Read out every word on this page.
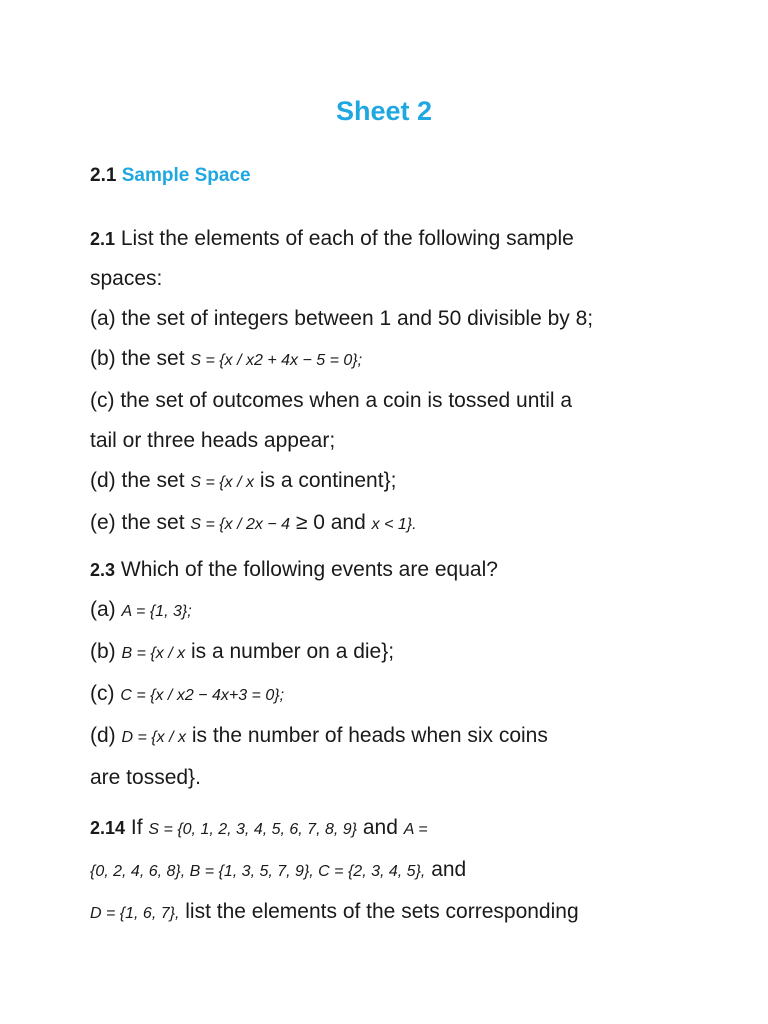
Sheet 2
2.1 Sample Space
2.1 List the elements of each of the following sample
spaces:
(a) the set of integers between 1 and 50 divisible by 8;
(b) the set S = {x / x2 + 4x − 5 = 0};
(c) the set of outcomes when a coin is tossed until a
tail or three heads appear;
(d) the set S = {x / x is a continent};
(e) the set S = {x / 2x − 4 ≥ 0 and x < 1}.
2.3 Which of the following events are equal?
(a) A = {1, 3};
(b) B = {x / x is a number on a die};
(c) C = {x / x2 − 4x+3 = 0};
(d) D = {x / x is the number of heads when six coins
are tossed}.
2.14 If S = {0, 1, 2, 3, 4, 5, 6, 7, 8, 9} and A =
{0, 2, 4, 6, 8}, B = {1, 3, 5, 7, 9}, C = {2, 3, 4, 5}, and
D = {1, 6, 7}, list the elements of the sets corresponding
